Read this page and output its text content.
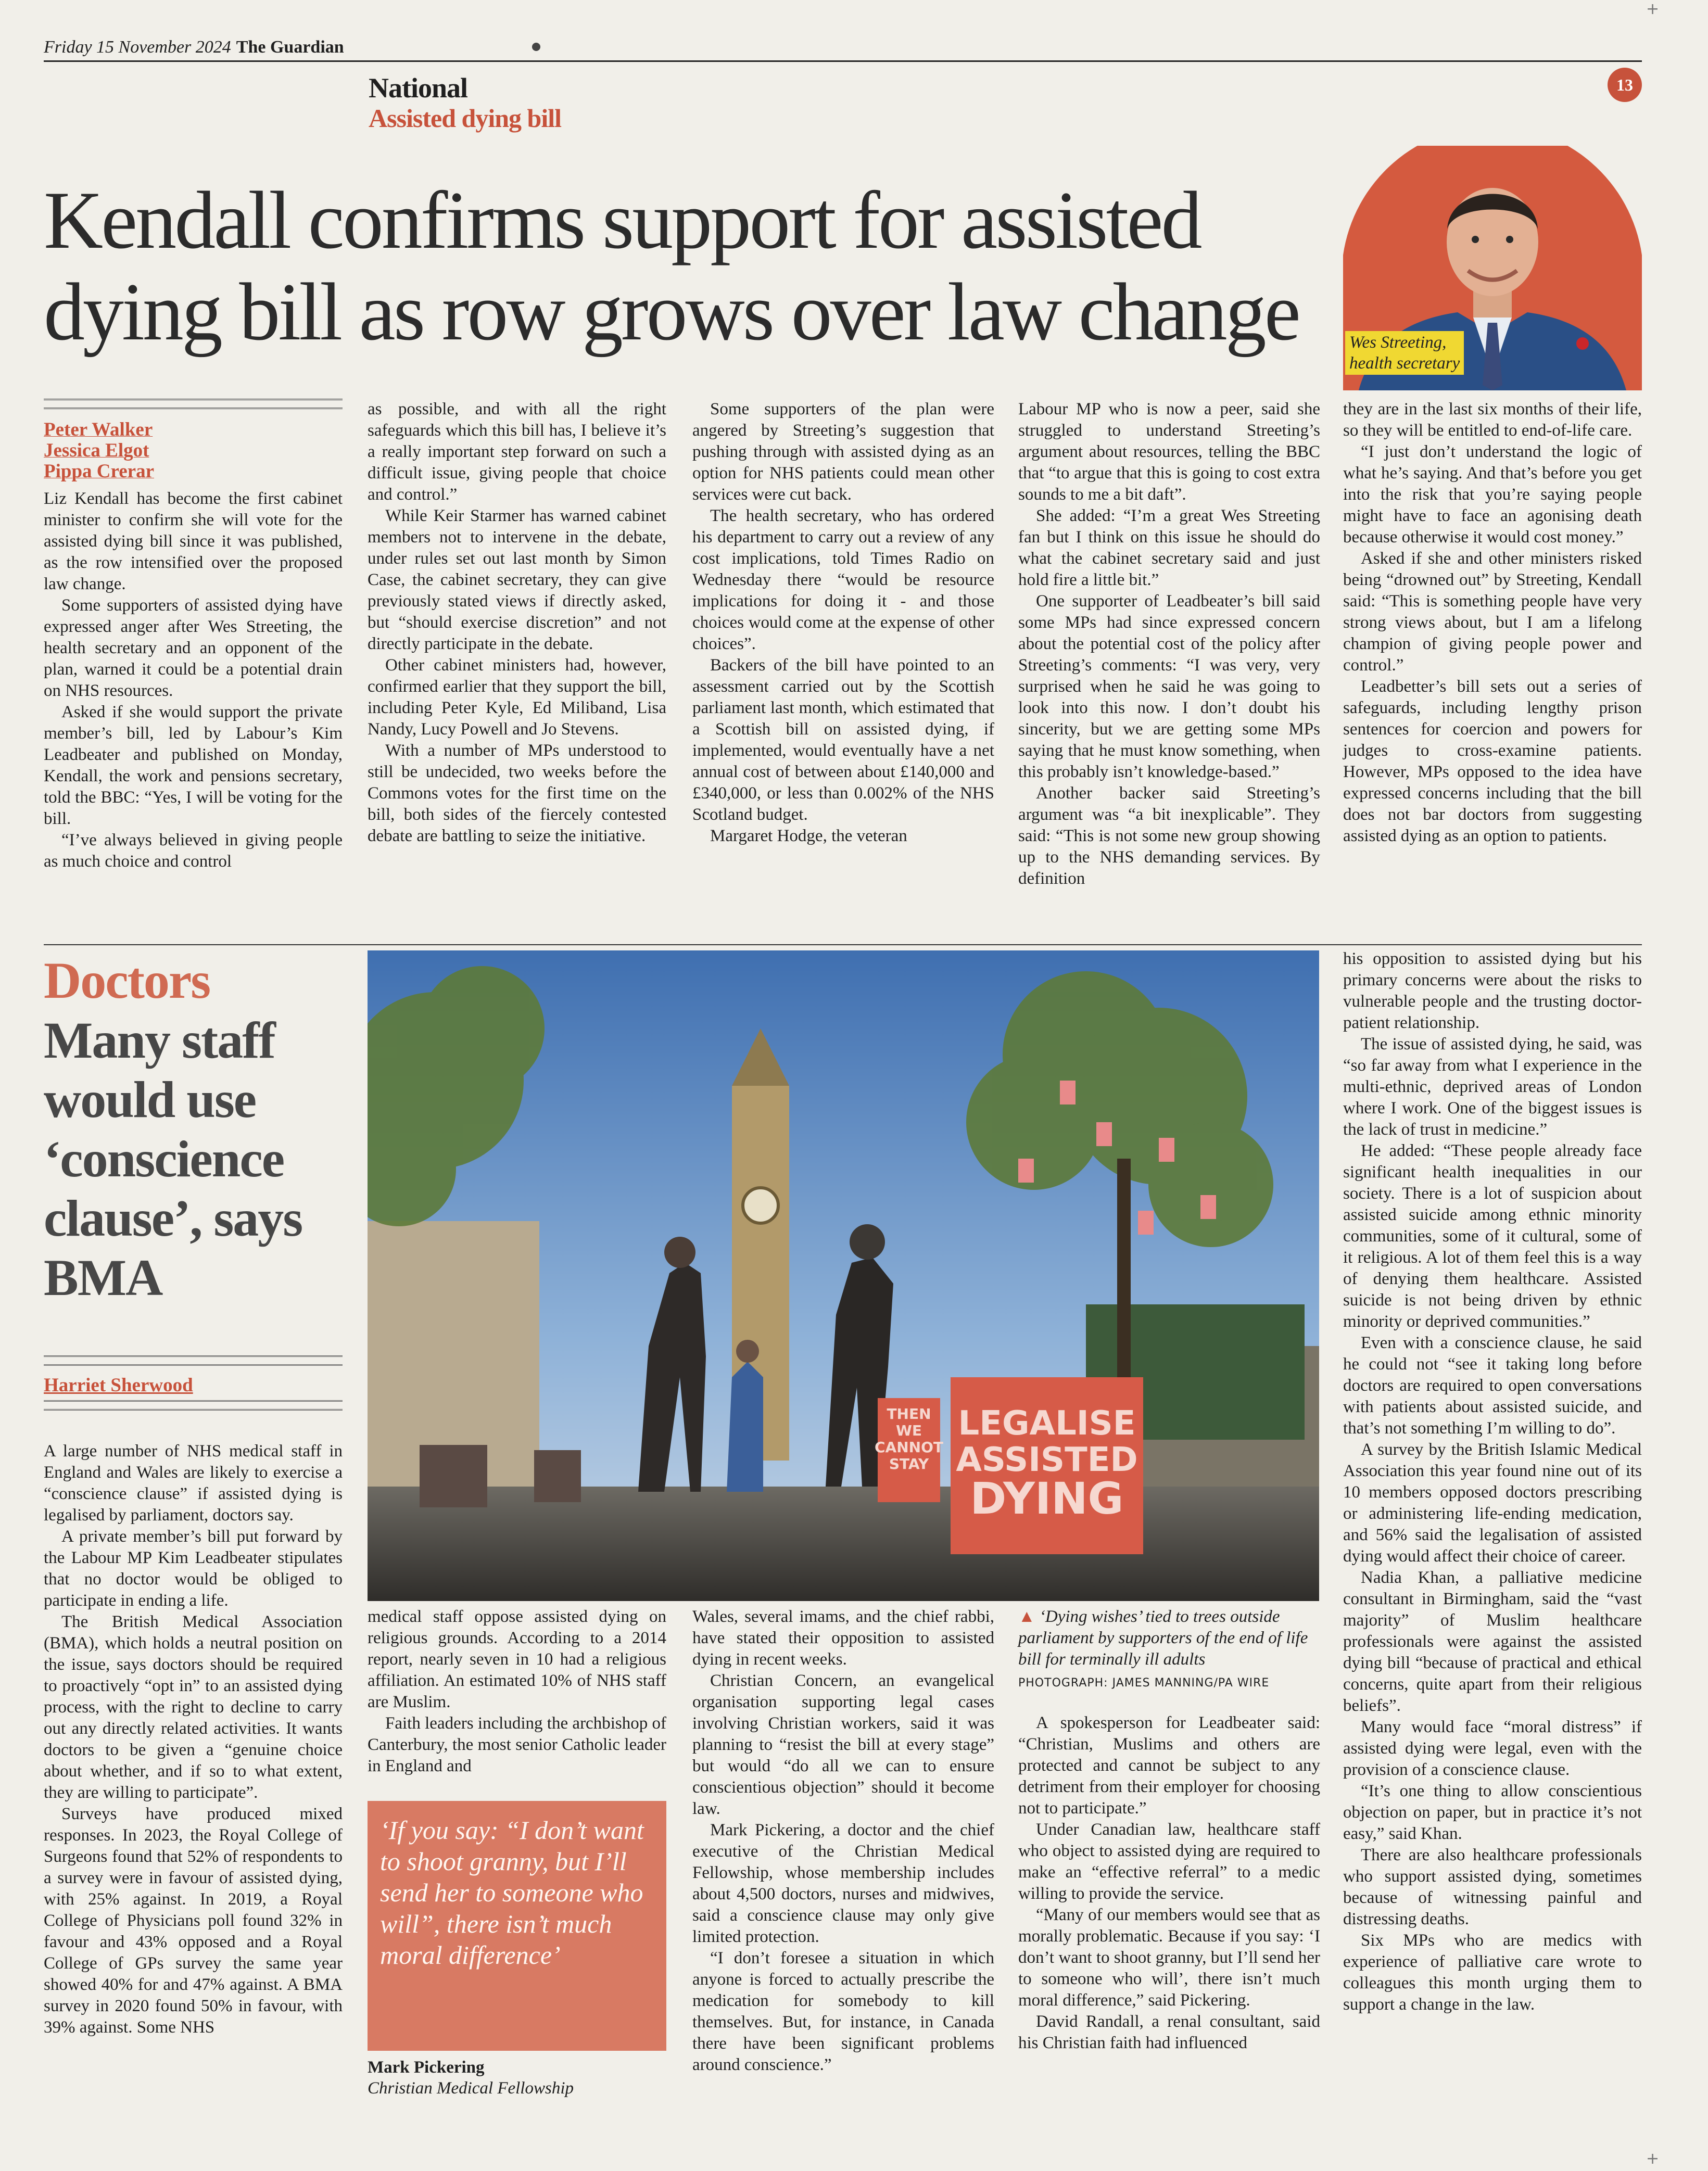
Friday 15 November 2024 The Guardian
+
+
National
Assisted dying bill
13
Kendall confirms support for assisted dying bill as row grows over law change	Wes Streeting,
health secretary
Peter Walker
Jessica Elgot
Pippa Crerar

Liz Kendall has become the first cabinet minister to confirm she will vote for the assisted dying bill since it was published, as the row intensified over the proposed law change.

Some supporters of assisted dying have expressed anger after Wes Streeting, the health secretary and an opponent of the plan, warned it could be a potential drain on NHS resources.

Asked if she would support the private member’s bill, led by Labour’s Kim Leadbeater and published on Monday, Kendall, the work and pensions secretary, told the BBC: “Yes, I will be voting for the bill.

“I’ve always believed in giving people as much choice and control

as possible, and with all the right safeguards which this bill has, I believe it’s a really important step forward on such a difficult issue, giving people that choice and control.”

While Keir Starmer has warned cabinet members not to intervene in the debate, under rules set out last month by Simon Case, the cabinet secretary, they can give previously stated views if directly asked, but “should exercise discretion” and not directly participate in the debate.

Other cabinet ministers had, however, confirmed earlier that they support the bill, including Peter Kyle, Ed Miliband, Lisa Nandy, Lucy Powell and Jo Stevens.

With a number of MPs understood to still be undecided, two weeks before the Commons votes for the first time on the bill, both sides of the fiercely contested debate are battling to seize the initiative.

Some supporters of the plan were angered by Streeting’s suggestion that pushing through with assisted dying as an option for NHS patients could mean other services were cut back.

The health secretary, who has ordered his department to carry out a review of any cost implications, told Times Radio on Wednesday there “would be resource implications for doing it - and those choices would come at the expense of other choices”.

Backers of the bill have pointed to an assessment carried out by the Scottish parliament last month, which estimated that a Scottish bill on assisted dying, if implemented, would eventually have a net annual cost of between about £140,000 and £340,000, or less than 0.002% of the NHS Scotland budget.

Margaret Hodge, the veteran

Labour MP who is now a peer, said she struggled to understand Streeting’s argument about resources, telling the BBC that “to argue that this is going to cost extra sounds to me a bit daft”.

She added: “I’m a great Wes Streeting fan but I think on this issue he should do what the cabinet secretary said and just hold fire a little bit.”

One supporter of Leadbeater’s bill said some MPs had since expressed concern about the potential cost of the policy after Streeting’s comments: “I was very, very surprised when he said he was going to look into this now. I don’t doubt his sincerity, but we are getting some MPs saying that he must know something, when this probably isn’t knowledge-based.”

Another backer said Streeting’s argument was “a bit inexplicable”. They said: “This is not some new group showing up to the NHS demanding services. By definition

they are in the last six months of their life, so they will be entitled to end-of-life care.

“I just don’t understand the logic of what he’s saying. And that’s before you get into the risk that you’re saying people might have to face an agonising death because otherwise it would cost money.”

Asked if she and other ministers risked being “drowned out” by Streeting, Kendall said: “This is something people have very strong views about, but I am a lifelong champion of giving people power and control.”

Leadbetter’s bill sets out a series of safeguards, including lengthy prison sentences for coercion and powers for judges to cross-examine patients. However, MPs opposed to the idea have expressed concerns including that the bill does not bar doctors from suggesting assisted dying as an option to patients.

Doctors
Many staff would use ‘conscience clause’, says BMA
Harriet Sherwood
LEGALISE
ASSISTED
DYING
THEN
WE
CANNOT
STAY
▲ ‘Dying wishes’ tied to trees outside parliament by supporters of the end of life bill for terminally ill adults
PHOTOGRAPH: JAMES MANNING/PA WIRE

A large number of NHS medical staff in England and Wales are likely to exercise a “conscience clause” if assisted dying is legalised by parliament, doctors say.

A private member’s bill put forward by the Labour MP Kim Leadbeater stipulates that no doctor would be obliged to participate in ending a life.

The British Medical Association (BMA), which holds a neutral position on the issue, says doctors should be required to proactively “opt in” to an assisted dying process, with the right to decline to carry out any directly related activities. It wants doctors to be given a “genuine choice about whether, and if so to what extent, they are willing to participate”.

Surveys have produced mixed responses. In 2023, the Royal College of Surgeons found that 52% of respondents to a survey were in favour of assisted dying, with 25% against. In 2019, a Royal College of Physicians poll found 32% in favour and 43% opposed and a Royal College of GPs survey the same year showed 40% for and 47% against. A BMA survey in 2020 found 50% in favour, with 39% against. Some NHS

medical staff oppose assisted dying on religious grounds. According to a 2014 report, nearly seven in 10 had a religious affiliation. An estimated 10% of NHS staff are Muslim.

Faith leaders including the archbishop of Canterbury, the most senior Catholic leader in England and

Wales, several imams, and the chief rabbi, have stated their opposition to assisted dying in recent weeks.

Christian Concern, an evangelical organisation supporting legal cases involving Christian workers, said it was planning to “resist the bill at every stage” but would “do all we can to ensure conscientious objection” should it become law.

Mark Pickering, a doctor and the chief executive of the Christian Medical Fellowship, whose membership includes about 4,500 doctors, nurses and midwives, said a conscience clause may only give limited protection.

“I don’t foresee a situation in which anyone is forced to actually prescribe the medication for somebody to kill themselves. But, for instance, in Canada there have been significant problems around conscience.”

A spokesperson for Leadbeater said: “Christian, Muslims and others are protected and cannot be subject to any detriment from their employer for choosing not to participate.”

Under Canadian law, healthcare staff who object to assisted dying are required to make an “effective referral” to a medic willing to provide the service.

“Many of our members would see that as morally problematic. Because if you say: ‘I don’t want to shoot granny, but I’ll send her to someone who will’, there isn’t much moral difference,” said Pickering.

David Randall, a renal consultant, said his Christian faith had influenced

his opposition to assisted dying but his primary concerns were about the risks to vulnerable people and the trusting doctor-patient relationship.

The issue of assisted dying, he said, was “so far away from what I experience in the multi-ethnic, deprived areas of London where I work. One of the biggest issues is the lack of trust in medicine.”

He added: “These people already face significant health inequalities in our society. There is a lot of suspicion about assisted suicide among ethnic minority communities, some of it cultural, some of it religious. A lot of them feel this is a way of denying them healthcare. Assisted suicide is not being driven by ethnic minority or deprived communities.”

Even with a conscience clause, he said he could not “see it taking long before doctors are required to open conversations with patients about assisted suicide, and that’s not something I’m willing to do”.

A survey by the British Islamic Medical Association this year found nine out of its 10 members opposed doctors prescribing or administering life-ending medication, and 56% said the legalisation of assisted dying would affect their choice of career.

Nadia Khan, a palliative medicine consultant in Birmingham, said the “vast majority” of Muslim healthcare professionals were against the assisted dying bill “because of practical and ethical concerns, quite apart from their religious beliefs”.

Many would face “moral distress” if assisted dying were legal, even with the provision of a conscience clause.

“It’s one thing to allow conscientious objection on paper, but in practice it’s not easy,” said Khan.

There are also healthcare professionals who support assisted dying, sometimes because of witnessing painful and distressing deaths.

Six MPs who are medics with experience of palliative care wrote to colleagues this month urging them to support a change in the law.

‘If you say: “I don’t want to shoot granny, but I’ll send her to someone who will”, there isn’t much moral difference’

Mark Pickering
Christian Medical Fellowship
